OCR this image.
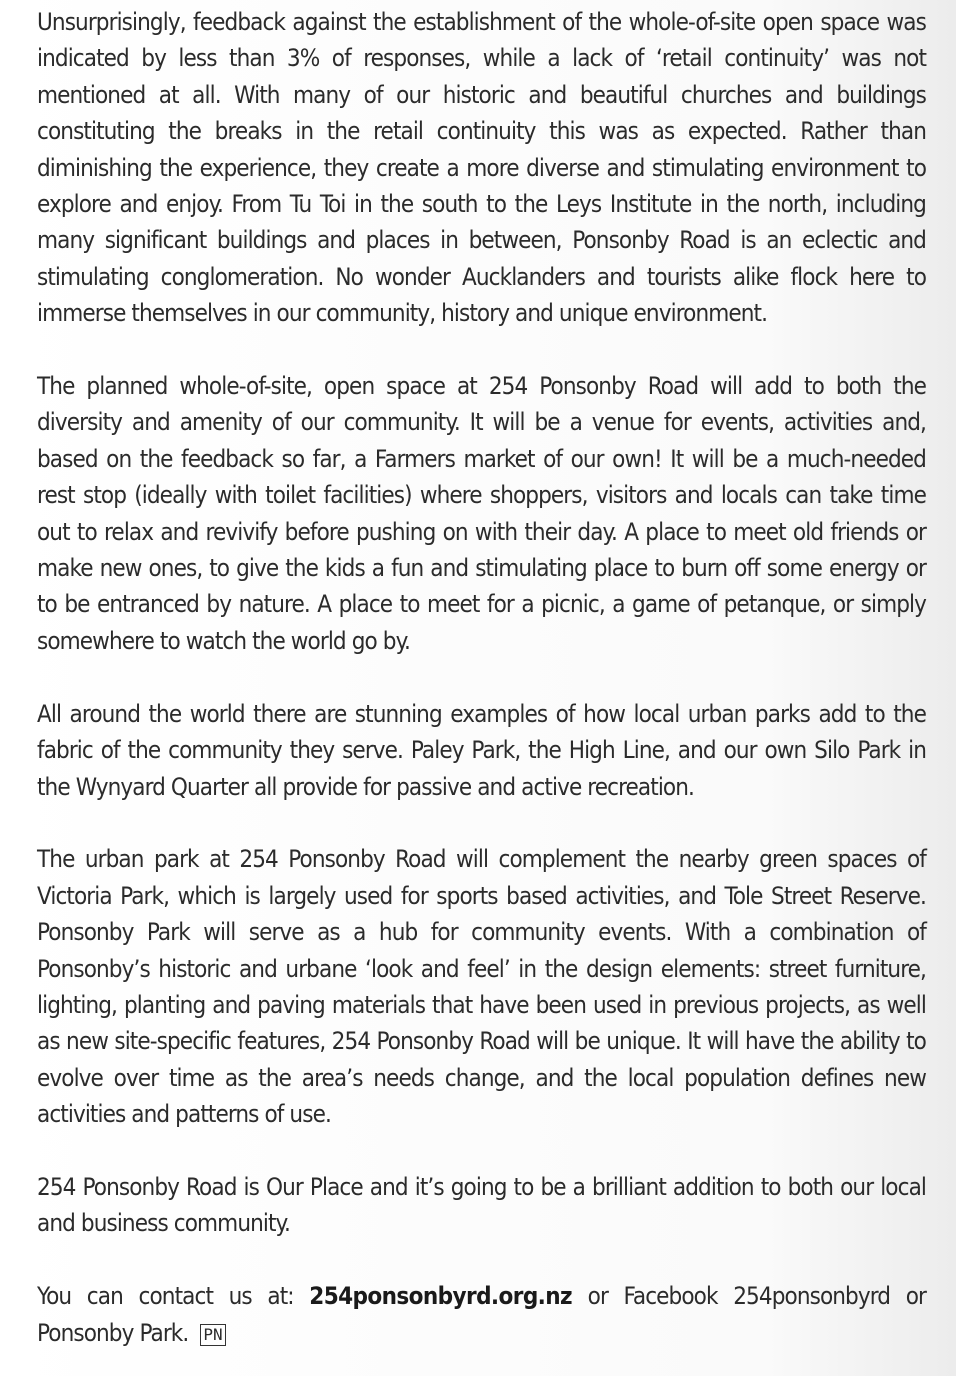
Unsurprisingly, feedback against the establishment of the whole-of-site open space was indicated by less than 3% of responses, while a lack of ‘retail continuity’ was not mentioned at all. With many of our historic and beautiful churches and buildings constituting the breaks in the retail continuity this was as expected. Rather than diminishing the experience, they create a more diverse and stimulating environment to explore and enjoy. From Tu Toi in the south to the Leys Institute in the north, including many significant buildings and places in between, Ponsonby Road is an eclectic and stimulating conglomeration. No wonder Aucklanders and tourists alike flock here to immerse themselves in our community, history and unique environment.

The planned whole-of-site, open space at 254 Ponsonby Road will add to both the diversity and amenity of our community. It will be a venue for events, activities and, based on the feedback so far, a Farmers market of our own! It will be a much-needed rest stop (ideally with toilet facilities) where shoppers, visitors and locals can take time out to relax and revivify before pushing on with their day. A place to meet old friends or make new ones, to give the kids a fun and stimulating place to burn off some energy or to be entranced by nature. A place to meet for a picnic, a game of petanque, or simply somewhere to watch the world go by.

All around the world there are stunning examples of how local urban parks add to the fabric of the community they serve. Paley Park, the High Line, and our own Silo Park in the Wynyard Quarter all provide for passive and active recreation.

The urban park at 254 Ponsonby Road will complement the nearby green spaces of Victoria Park, which is largely used for sports based activities, and Tole Street Reserve. Ponsonby Park will serve as a hub for community events. With a combination of Ponsonby’s historic and urbane ‘look and feel’ in the design elements: street furniture, lighting, planting and paving materials that have been used in previous projects, as well as new site-specific features, 254 Ponsonby Road will be unique. It will have the ability to evolve over time as the area’s needs change, and the local population defines new activities and patterns of use.

254 Ponsonby Road is Our Place and it’s going to be a brilliant addition to both our local and business community.

You can contact us at: 254ponsonbyrd.org.nz or Facebook 254ponsonbyrd or Ponsonby Park. PN
